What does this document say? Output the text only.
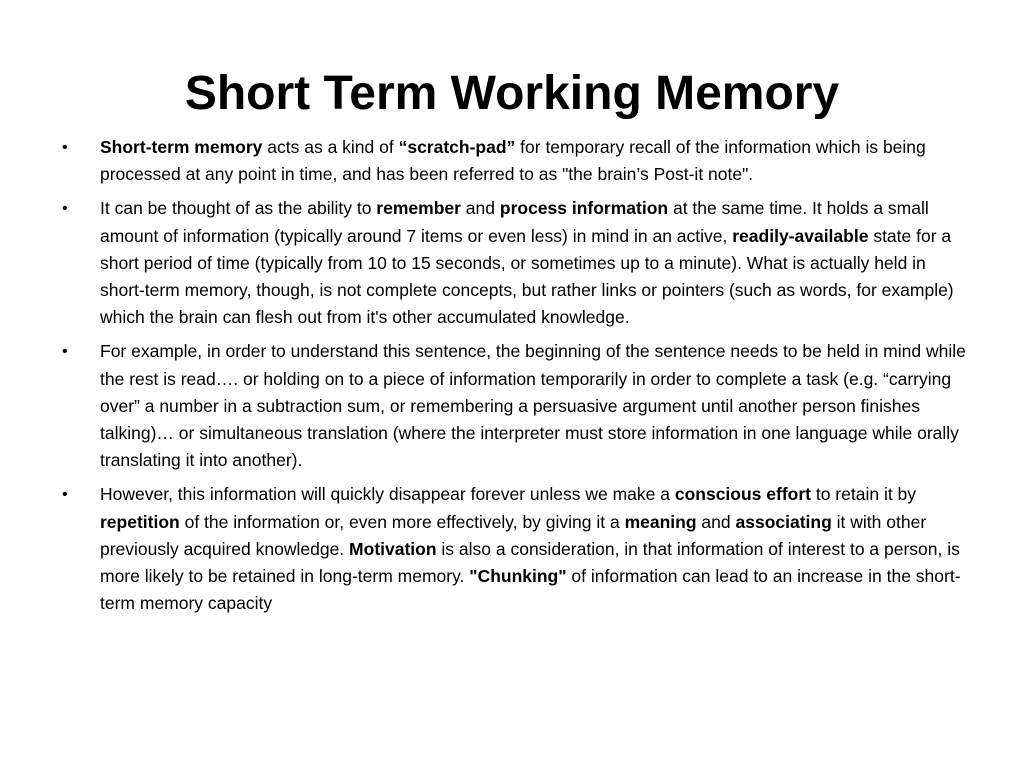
Short Term Working Memory
• Short-term memory acts as a kind of “scratch-pad” for temporary recall of the information which is being processed at any point in time, and has been referred to as "the brain’s Post-it note".
• It can be thought of as the ability to remember and process information at the same time. It holds a small amount of information (typically around 7 items or even less) in mind in an active, readily-available state for a short period of time (typically from 10 to 15 seconds, or sometimes up to a minute). What is actually held in short-term memory, though, is not complete concepts, but rather links or pointers (such as words, for example) which the brain can flesh out from it's other accumulated knowledge.
• For example, in order to understand this sentence, the beginning of the sentence needs to be held in mind while the rest is read…. or holding on to a piece of information temporarily in order to complete a task (e.g. “carrying over” a number in a subtraction sum, or remembering a persuasive argument until another person finishes talking)… or simultaneous translation (where the interpreter must store information in one language while orally translating it into another).
• However, this information will quickly disappear forever unless we make a conscious effort to retain it by repetition of the information or, even more effectively, by giving it a meaning and associating it with other previously acquired knowledge. Motivation is also a consideration, in that information of interest to a person, is more likely to be retained in long-term memory. "Chunking" of information can lead to an increase in the short-term memory capacity
